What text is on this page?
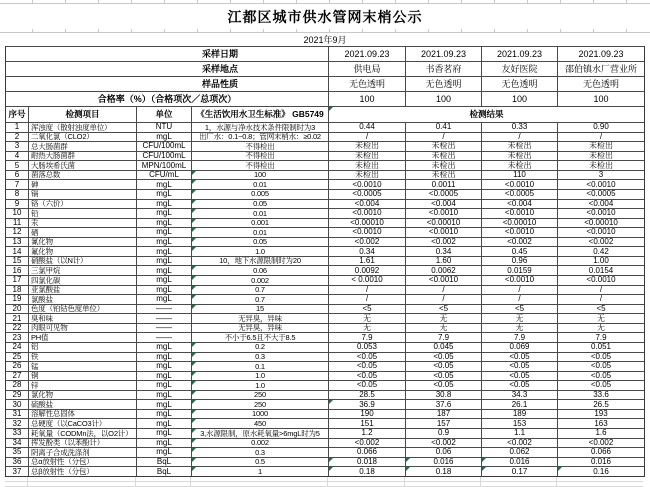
江都区城市供水管网末梢公示
2021年9月
采样日期	2021.09.23	2021.09.23	2021.09.23	2021.09.23
采样地点	供电局	书香茗府	友好医院	邵伯镇水厂营业所
样品性质	无色透明	无色透明	无色透明	无色透明
合格率（%）（合格项次／总项次）	100	100	100	100
序号	检测项目	单位	《生活饮用水卫生标准》 GB5749	检测结果
1	浑浊度（散射浊度单位）	NTU	1，水源与净水技术条件限制时为3	0.44	0.41	0.33	0.90
2	二氧化氯（CLO2）	mgL	出厂水：0.1~0.8；管网末梢水：≥0.02	/	/	/	/
3	总大肠菌群	CFU/100mL	不得检出	未检出	未检出	未检出	未检出
4	耐热大肠菌群	CFU/100mL	不得检出	未检出	未检出	未检出	未检出
5	大肠埃希氏菌	MPN/100mL	不得检出	未检出	未检出	未检出	未检出
6	菌落总数	CFU/mL	100	未检出	未检出	110	3
7	砷	mgL	0.01	<0.0010	0.0011	<0.0010	<0.0010
8	镉	mgL	0.005	<0.0005	<0.0005	<0.0005	<0.0005
9	铬（六价）	mgL	0.05	<0.004	<0.004	<0.004	<0.004
10	铅	mgL	0.01	<0.0010	<0.0010	<0.0010	<0.0010
11	汞	mgL	0.001	<0.00010	<0.00010	<0.00010	<0.00010
12	硒	mgL	0.01	<0.0010	<0.0010	<0.0010	<0.0010
13	氰化物	mgL	0.05	<0.002	<0.002	<0.002	<0.002
14	氟化物	mgL	1.0	0.34	0.34	0.45	0.42
15	硝酸盐（以N计）	mgL	10，地下水源限制时为20	1.61	1.60	0.96	1.00
16	三氯甲烷	mgL	0.06	0.0092	0.0062	0.0159	0.0154
17	四氯化碳	mgL	0.002	< 0.0010	<0.0010	<0.0010	<0.0010
18	亚氯酸盐	mgL	0.7	/	/	/	/
19	氯酸盐	mgL	0.7	/	/	/	/
20	色度（铂钴色度单位）	——	15	<5	<5	<5	<5
21	臭和味	——	无异臭，异味	无	无	无	无
22	肉眼可见物	——	无异臭，异味	无	无	无	无
23	PH值	——	不小于6.5且不大于8.5	7.9	7.9	7.9	7.9
24	铝	mgL	0.2	0.053	0.045	0.069	0.051
25	铁	mgL	0.3	<0.05	<0.05	<0.05	<0.05
26	锰	mgL	0.1	<0.05	<0.05	<0.05	<0.05
27	铜	mgL	1.0	<0.05	<0.05	<0.05	<0.05
28	锌	mgL	1.0	<0.05	<0.05	<0.05	<0.05
29	氯化物	mgL	250	28.5	30.8	34.3	33.6
30	硫酸盐	mgL	250	36.9	37.6	26.1	26.5
31	溶解性总固体	mgL	1000	190	187	189	193
32	总硬度（以CaCO3计）	mgL	450	151	157	153	163
33	耗氧量（CODMn法，以O2计）	mgL	3,水源限制，原水耗氧量>6mgL时为5	1.2	0.9	1.1	1.6
34	挥发酚类（以苯酚计）	mgL	0.002	<0.002	<0.002	<0.002	<0.002
35	阴离子合成洗涤剂	mgL	0.3	0.066	0.06	0.062	0.066
36	总α放射性（分包）	BqL	0.5	0.018	0.016	0.016	0.016
37	总β放射性（分包）	BqL	1	0.18	0.18	0.17	0.16
